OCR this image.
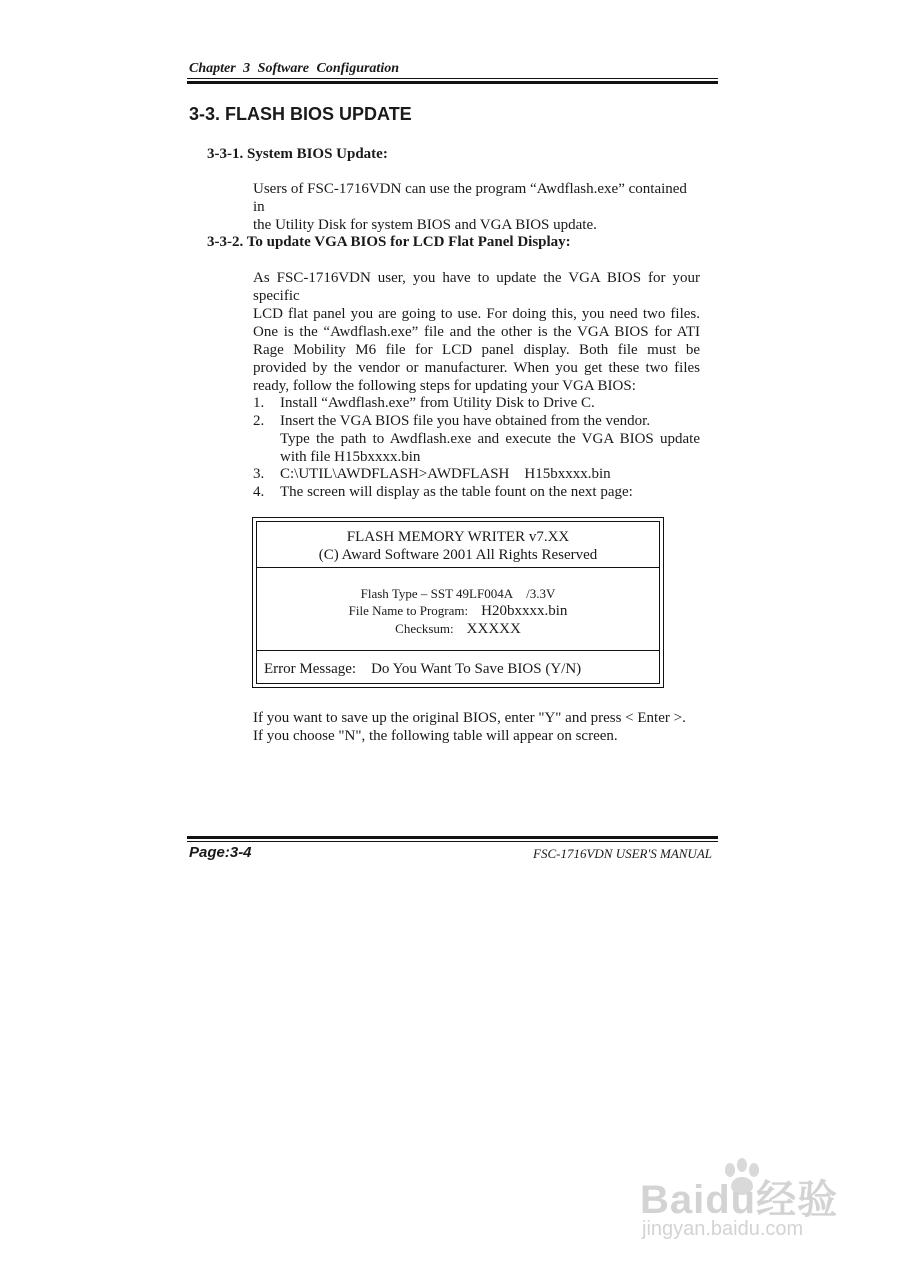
Chapter 3 Software Configuration
3-3. FLASH BIOS UPDATE
3-3-1. System BIOS Update:
Users of FSC-1716VDN can use the program “Awdflash.exe” contained in
the Utility Disk for system BIOS and VGA BIOS update.
3-3-2. To update VGA BIOS for LCD Flat Panel Display:
As FSC-1716VDN user, you have to update the VGA BIOS for your specific
LCD flat panel you are going to use. For doing this, you need two files.
One is the “Awdflash.exe” file and the other is the VGA BIOS for ATI
Rage Mobility M6 file for LCD panel display. Both file must be
provided by the vendor or manufacturer. When you get these two files
ready, follow the following steps for updating your VGA BIOS:
1. Install “Awdflash.exe” from Utility Disk to Drive C.
2. Insert the VGA BIOS file you have obtained from the vendor.
Type the path to Awdflash.exe and execute the VGA BIOS update
with file H15bxxxx.bin
3. C:\UTIL\AWDFLASH>AWDFLASH    H15bxxxx.bin
4. The screen will display as the table fount on the next page:
FLASH MEMORY WRITER v7.XX
(C) Award Software 2001 All Rights Reserved
Flash Type – SST 49LF004A /3.3V
File Name to Program: H20bxxxx.bin
Checksum: XXXXX
Error Message: Do You Want To Save BIOS (Y/N)
If you want to save up the original BIOS, enter "Y" and press < Enter >.
If you choose "N", the following table will appear on screen.
Page:3-4	FSC-1716VDN USER'S MANUAL
Baidu经验
jingyan.baidu.com
